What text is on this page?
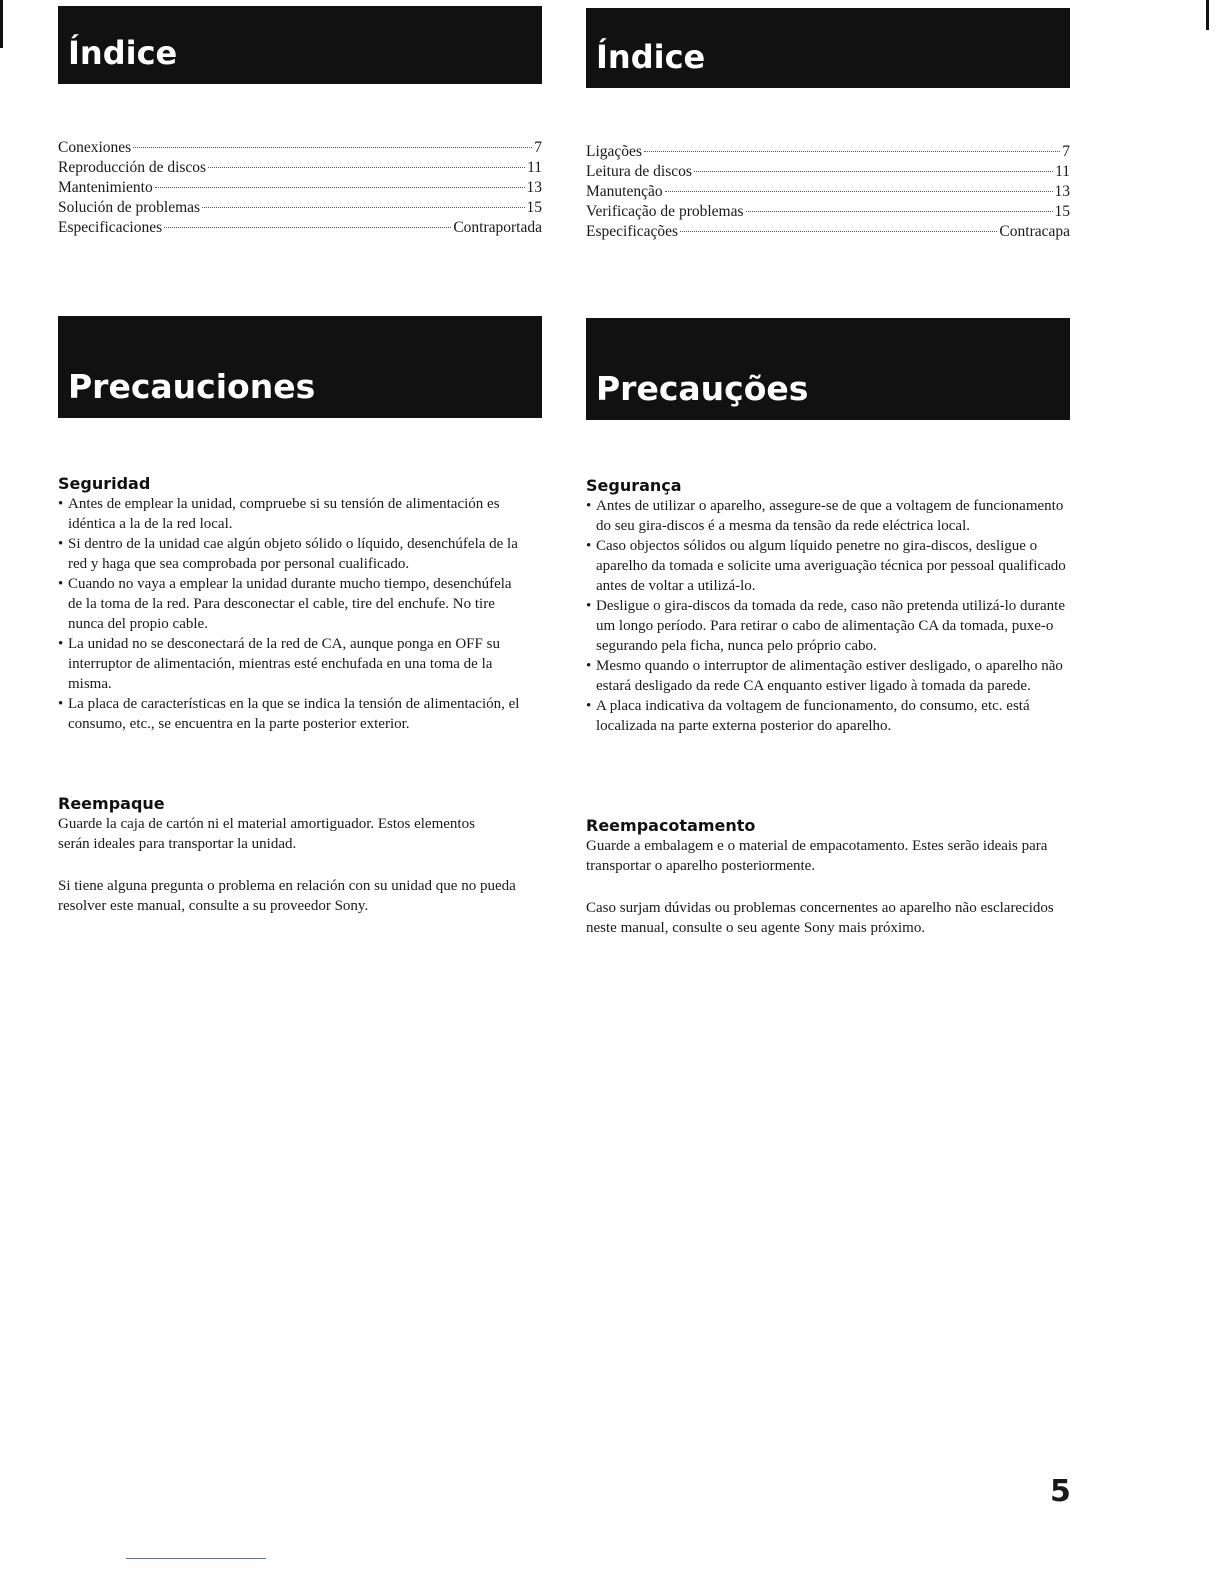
Índice	Índice
Conexiones	7
Reproducción de discos	11
Mantenimiento	13
Solución de problemas	15
Especificaciones	Contraportada
Ligações	7
Leitura de discos	11
Manutenção	13
Verificação de problemas	15
Especificações	Contracapa
Precauciones	Precauções
Seguridad
• Antes de emplear la unidad, compruebe si su tensión de alimentación es idéntica a la de la red local.
• Si dentro de la unidad cae algún objeto sólido o líquido, desenchúfela de la red y haga que sea comprobada por personal cualificado.
• Cuando no vaya a emplear la unidad durante mucho tiempo, desenchúfela de la toma de la red. Para desconectar el cable, tire del enchufe. No tire nunca del propio cable.
• La unidad no se desconectará de la red de CA, aunque ponga en OFF su interruptor de alimentación, mientras esté enchufada en una toma de la misma.
• La placa de características en la que se indica la tensión de alimentación, el consumo, etc., se encuentra en la parte posterior exterior.
Reempaque

Guarde la caja de cartón ni el material amortiguador. Estos elementos serán ideales para transportar la unidad.

Si tiene alguna pregunta o problema en relación con su unidad que no pueda resolver este manual, consulte a su proveedor Sony.

Segurança
• Antes de utilizar o aparelho, assegure-se de que a voltagem de funcionamento do seu gira-discos é a mesma da tensão da rede eléctrica local.
• Caso objectos sólidos ou algum líquido penetre no gira-discos, desligue o aparelho da tomada e solicite uma averiguação técnica por pessoal qualificado antes de voltar a utilizá-lo.
• Desligue o gira-discos da tomada da rede, caso não pretenda utilizá-lo durante um longo período. Para retirar o cabo de alimentação CA da tomada, puxe-o segurando pela ficha, nunca pelo próprio cabo.
• Mesmo quando o interruptor de alimentação estiver desligado, o aparelho não estará desligado da rede CA enquanto estiver ligado à tomada da parede.
• A placa indicativa da voltagem de funcionamento, do consumo, etc. está localizada na parte externa posterior do aparelho.
Reempacotamento

Guarde a embalagem e o material de empacotamento. Estes serão ideais para transportar o aparelho posteriormente.

Caso surjam dúvidas ou problemas concernentes ao aparelho não esclarecidos neste manual, consulte o seu agente Sony mais próximo.

5
